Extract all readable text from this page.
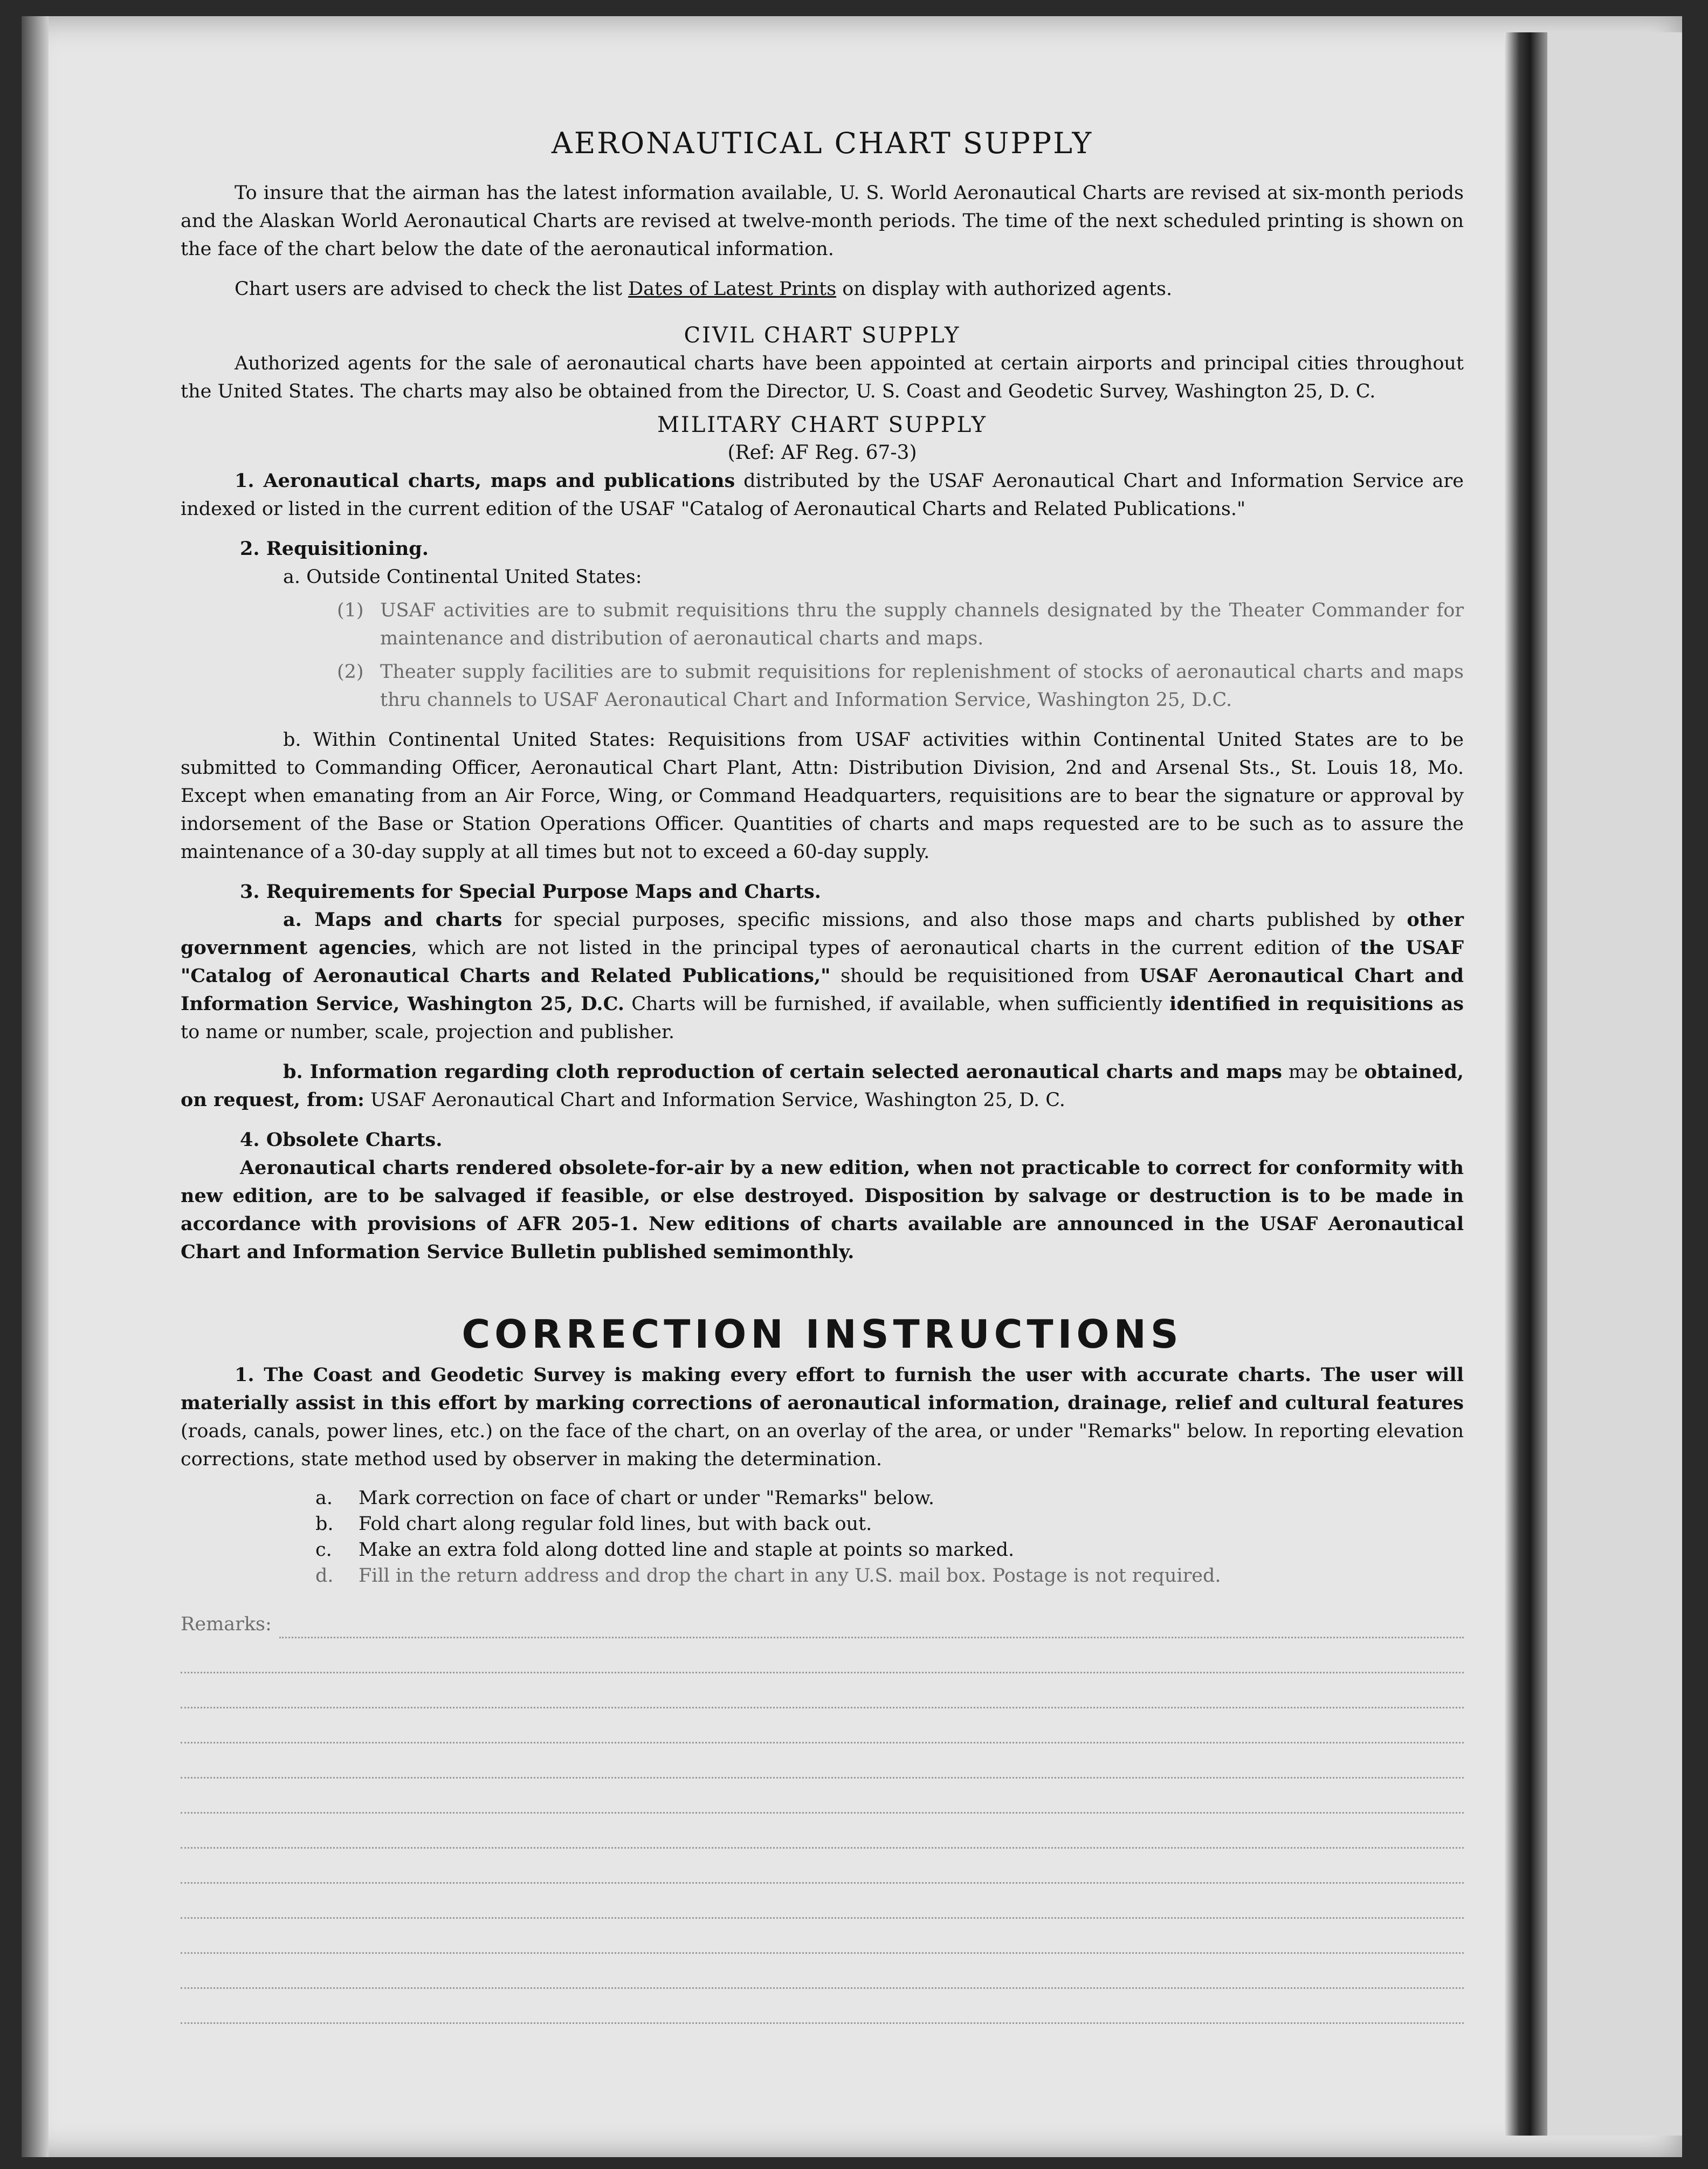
AERONAUTICAL CHART SUPPLY

To insure that the airman has the latest information available, U. S. World Aeronautical Charts are revised at six-month periods and the Alaskan World Aeronautical Charts are revised at twelve-month periods. The time of the next scheduled printing is shown on the face of the chart below the date of the aeronautical information.

Chart users are advised to check the list Dates of Latest Prints on display with authorized agents.

CIVIL CHART SUPPLY

Authorized agents for the sale of aeronautical charts have been appointed at certain airports and principal cities throughout the United States. The charts may also be obtained from the Director, U. S. Coast and Geodetic Survey, Washington 25, D. C.

MILITARY CHART SUPPLY
(Ref: AF Reg. 67-3)

1. Aeronautical charts, maps and publications distributed by the USAF Aeronautical Chart and Information Service are indexed or listed in the current edition of the USAF "Catalog of Aeronautical Charts and Related Publications."

2. Requisitioning.
a. Outside Continental United States:

(1) USAF activities are to submit requisitions thru the supply channels designated by the Theater Commander for maintenance and distribution of aeronautical charts and maps.

(2) Theater supply facilities are to submit requisitions for replenishment of stocks of aeronautical charts and maps thru channels to USAF Aeronautical Chart and Information Service, Washington 25, D.C.

b. Within Continental United States: Requisitions from USAF activities within Continental United States are to be submitted to Commanding Officer, Aeronautical Chart Plant, Attn: Distribution Division, 2nd and Arsenal Sts., St. Louis 18, Mo. Except when emanating from an Air Force, Wing, or Command Headquarters, requisitions are to bear the signature or approval by indorsement of the Base or Station Operations Officer. Quantities of charts and maps requested are to be such as to assure the maintenance of a 30-day supply at all times but not to exceed a 60-day supply.

3. Requirements for Special Purpose Maps and Charts.

a. Maps and charts for special purposes, specific missions, and also those maps and charts published by other government agencies, which are not listed in the principal types of aeronautical charts in the current edition of the USAF "Catalog of Aeronautical Charts and Related Publications," should be requisitioned from USAF Aeronautical Chart and Information Service, Washington 25, D.C. Charts will be furnished, if available, when sufficiently identified in requisitions as to name or number, scale, projection and publisher.

b. Information regarding cloth reproduction of certain selected aeronautical charts and maps may be obtained, on request, from: USAF Aeronautical Chart and Information Service, Washington 25, D. C.

4. Obsolete Charts.

Aeronautical charts rendered obsolete-for-air by a new edition, when not practicable to correct for conformity with new edition, are to be salvaged if feasible, or else destroyed. Disposition by salvage or destruction is to be made in accordance with provisions of AFR 205-1. New editions of charts available are announced in the USAF Aeronautical Chart and Information Service Bulletin published semimonthly.

CORRECTION INSTRUCTIONS

1. The Coast and Geodetic Survey is making every effort to furnish the user with accurate charts. The user will materially assist in this effort by marking corrections of aeronautical information, drainage, relief and cultural features (roads, canals, power lines, etc.) on the face of the chart, on an overlay of the area, or under "Remarks" below. In reporting elevation corrections, state method used by observer in making the determination.

a. Mark correction on face of chart or under "Remarks" below.
b. Fold chart along regular fold lines, but with back out.
c. Make an extra fold along dotted line and staple at points so marked.
d. Fill in the return address and drop the chart in any U.S. mail box. Postage is not required.
Remarks:
